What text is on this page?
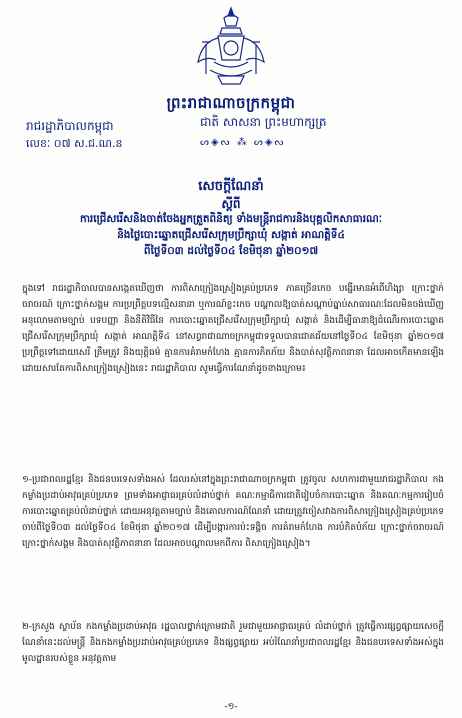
ព្រះរាជាណាចក្រកម្ពុជា
រាជរដ្ឋាភិបាលកម្ពុជា	ជាតិ សាសនា ព្រះមហាក្សត្រ
លេខៈ ០៧ ស.ជ.ណ.ន	ᔕ◈ᔓ ⁂ ᔕ◈ᔓ
សេចក្តីណែនាំ
ស្តីពី
ការជ្រើសរើសនិងចាត់ចែងអ្នកត្រួតពិនិត្យ ទាំងមន្រ្តីរាជការនិងបុគ្គលិកសាធារណៈ
និងថ្ងៃបោះឆ្នោតជ្រើសរើសក្រុមប្រឹក្សាឃុំ សង្កាត់ អាណត្តិទី៤
ពីថ្ងៃទី០៣ ដល់ថ្ងៃទី០៤ ខែមិថុនា ឆ្នាំ២០១៧
ក្នុងទៅ រាជរដ្ឋាភិបាលបានសង្កេតឃើញថា ការពិសាក្រៀងស្រៀងគ្រប់ប្រភេទ ភាគច្រើនកេច បង្ហើរមានអំពើហិង្សា ក្រោះថ្នាក់ចរាចរណ៍ ក្រោះថ្នាក់សង្គម ការប្រព្រឹត្តបទល្មើសនានា ឬការណ៍ខ្លះកេច បណ្តាលឱ្យបាត់សណ្តាប់ធ្នាប់សាធារណៈដែលមិនចង់ឃើញ អនុលោមតាមច្បាប់ បទបញ្ញា និងនីតិវិធីនៃ ការបោះឆ្នោតជ្រើសរើសក្រុមប្រឹក្សាឃុំ សង្កាត់ និងដើម្បីធានាឱ្យដំណើរការបោះឆ្នោតជ្រើសរើសក្រុមប្រឹក្សាឃុំ សង្កាត់ អាណត្តិទី៤ នៅសព្វរាជាណាចក្រកម្ពុជាទទួលបានជោគជ័យនៅថ្ងៃទី០៤ ខែមិថុនា ឆ្នាំ២០១៧ ប្រព្រឹត្តទៅដោយសេរី ត្រឹមត្រូវ និងយុត្តិធម៌ គ្មានការគំរាមកំហែង គ្មានការភិតភ័យ និងបាត់សុវត្ថិភាពនានា ដែលអាចកើតមានឡើង ដោយសារតែការពិសាក្រៀងស្រៀងនេះ រាជរដ្ឋាភិបាល សូមធ្វើការណែនាំដូចខាងក្រោម៖
១-ប្រជាពលរដ្ឋខ្មែរ និងជនបរទេសទាំងអស់ ដែលរស់នៅក្នុងព្រះរាជាណាចក្រកម្ពុជា ត្រូវចូល សហការជាមួយរាជរដ្ឋាភិបាល កងកម្លាំងប្រដាប់អាវុធគ្រប់ប្រភេទ ព្រមទាំងអាជ្ញាធរគ្រប់លំដាប់ថ្នាក់ គណៈកម្មាធិការជាតិរៀបចំការបោះឆ្នោត និងគណៈកម្មការរៀបចំការបោះឆ្នោតគ្រប់លំដាប់ថ្នាក់ ដោយអនុវត្តតាមច្បាប់ និងគោលការណ៍ណែនាំ ដោយត្រូវចៀសវាងការពិសាក្រៀងស្រៀងគ្រប់ប្រភេទ ចាប់ពីថ្ងៃទី០៣ ដល់ថ្ងៃទី០៤ ខែមិថុនា ឆ្នាំ២០១៧ ដើម្បីបង្ការការប៉ះទង្គិច ការគំរាមកំហែង ការបំភិតបំភ័យ ក្រោះថ្នាក់ចរាចរណ៍ ក្រោះថ្នាក់សង្គម និងបាត់សុវត្ថិភាពនានា ដែលអាចបណ្តាលមកពីការ ពិសាក្រៀងស្រៀង។
២-ក្រសួង ស្ថាប័ន កងកម្លាំងប្រដាប់អាវុធ រដ្ឋបាលថ្នាក់ក្រោមជាតិ រួមជាមួយអាជ្ញាធរគ្រប់ លំដាប់ថ្នាក់ ត្រូវធ្វើការផ្សព្វផ្សាយសេចក្តីណែនាំនេះដល់មន្ត្រី និងកងកម្លាំងប្រដាប់អាវុធគ្រប់ប្រភេទ និងផ្សព្វផ្សាយ អប់រំណែនាំប្រជាពលរដ្ឋខ្មែរ និងជនបរទេសទាំងអស់ក្នុងមូលដ្ឋានរបស់ខ្លួន អនុវត្តតាម
-១-
